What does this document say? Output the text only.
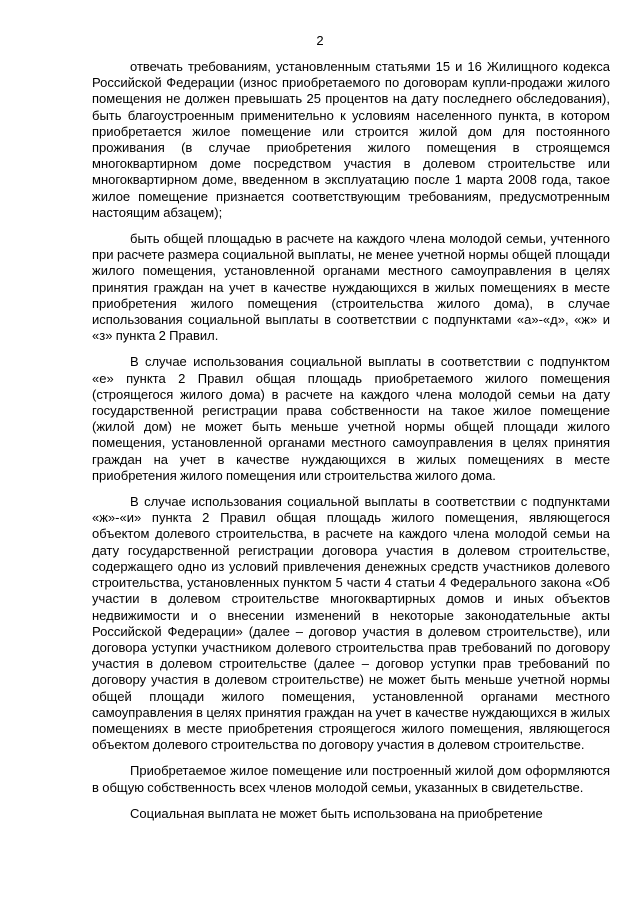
2

отвечать требованиям, установленным статьями 15 и 16 Жилищного кодекса Российской Федерации (износ приобретаемого по договорам купли-продажи жилого помещения не должен превышать 25 процентов на дату последнего обследования), быть благоустроенным применительно к условиям населенного пункта, в котором приобретается жилое помещение или строится жилой дом для постоянного проживания (в случае приобретения жилого помещения в строящемся многоквартирном доме посредством участия в долевом строительстве или многоквартирном доме, введенном в эксплуатацию после 1 марта 2008 года, такое жилое помещение признается соответствующим требованиям, предусмотренным настоящим абзацем);

быть общей площадью в расчете на каждого члена молодой семьи, учтенного при расчете размера социальной выплаты, не менее учетной нормы общей площади жилого помещения, установленной органами местного самоуправления в целях принятия граждан на учет в качестве нуждающихся в жилых помещениях в месте приобретения жилого помещения (строительства жилого дома), в случае использования социальной выплаты в соответствии с подпунктами «а»-«д», «ж» и «з» пункта 2 Правил.

В случае использования социальной выплаты в соответствии с подпунктом «е» пункта 2 Правил общая площадь приобретаемого жилого помещения (строящегося жилого дома) в расчете на каждого члена молодой семьи на дату государственной регистрации права собственности на такое жилое помещение (жилой дом) не может быть меньше учетной нормы общей площади жилого помещения, установленной органами местного самоуправления в целях принятия граждан на учет в качестве нуждающихся в жилых помещениях в месте приобретения жилого помещения или строительства жилого дома.

В случае использования социальной выплаты в соответствии с подпунктами «ж»-«и» пункта 2 Правил общая площадь жилого помещения, являющегося объектом долевого строительства, в расчете на каждого члена молодой семьи на дату государственной регистрации договора участия в долевом строительстве, содержащего одно из условий привлечения денежных средств участников долевого строительства, установленных пунктом 5 части 4 статьи 4 Федерального закона «Об участии в долевом строительстве многоквартирных домов и иных объектов недвижимости и о внесении изменений в некоторые законодательные акты Российской Федерации» (далее – договор участия в долевом строительстве), или договора уступки участником долевого строительства прав требований по договору участия в долевом строительстве (далее – договор уступки прав требований по договору участия в долевом строительстве) не может быть меньше учетной нормы общей площади жилого помещения, установленной органами местного самоуправления в целях принятия граждан на учет в качестве нуждающихся в жилых помещениях в месте приобретения строящегося жилого помещения, являющегося объектом долевого строительства по договору участия в долевом строительстве.

Приобретаемое жилое помещение или построенный жилой дом оформляются в общую собственность всех членов молодой семьи, указанных в свидетельстве.

Социальная выплата не может быть использована на приобретение
